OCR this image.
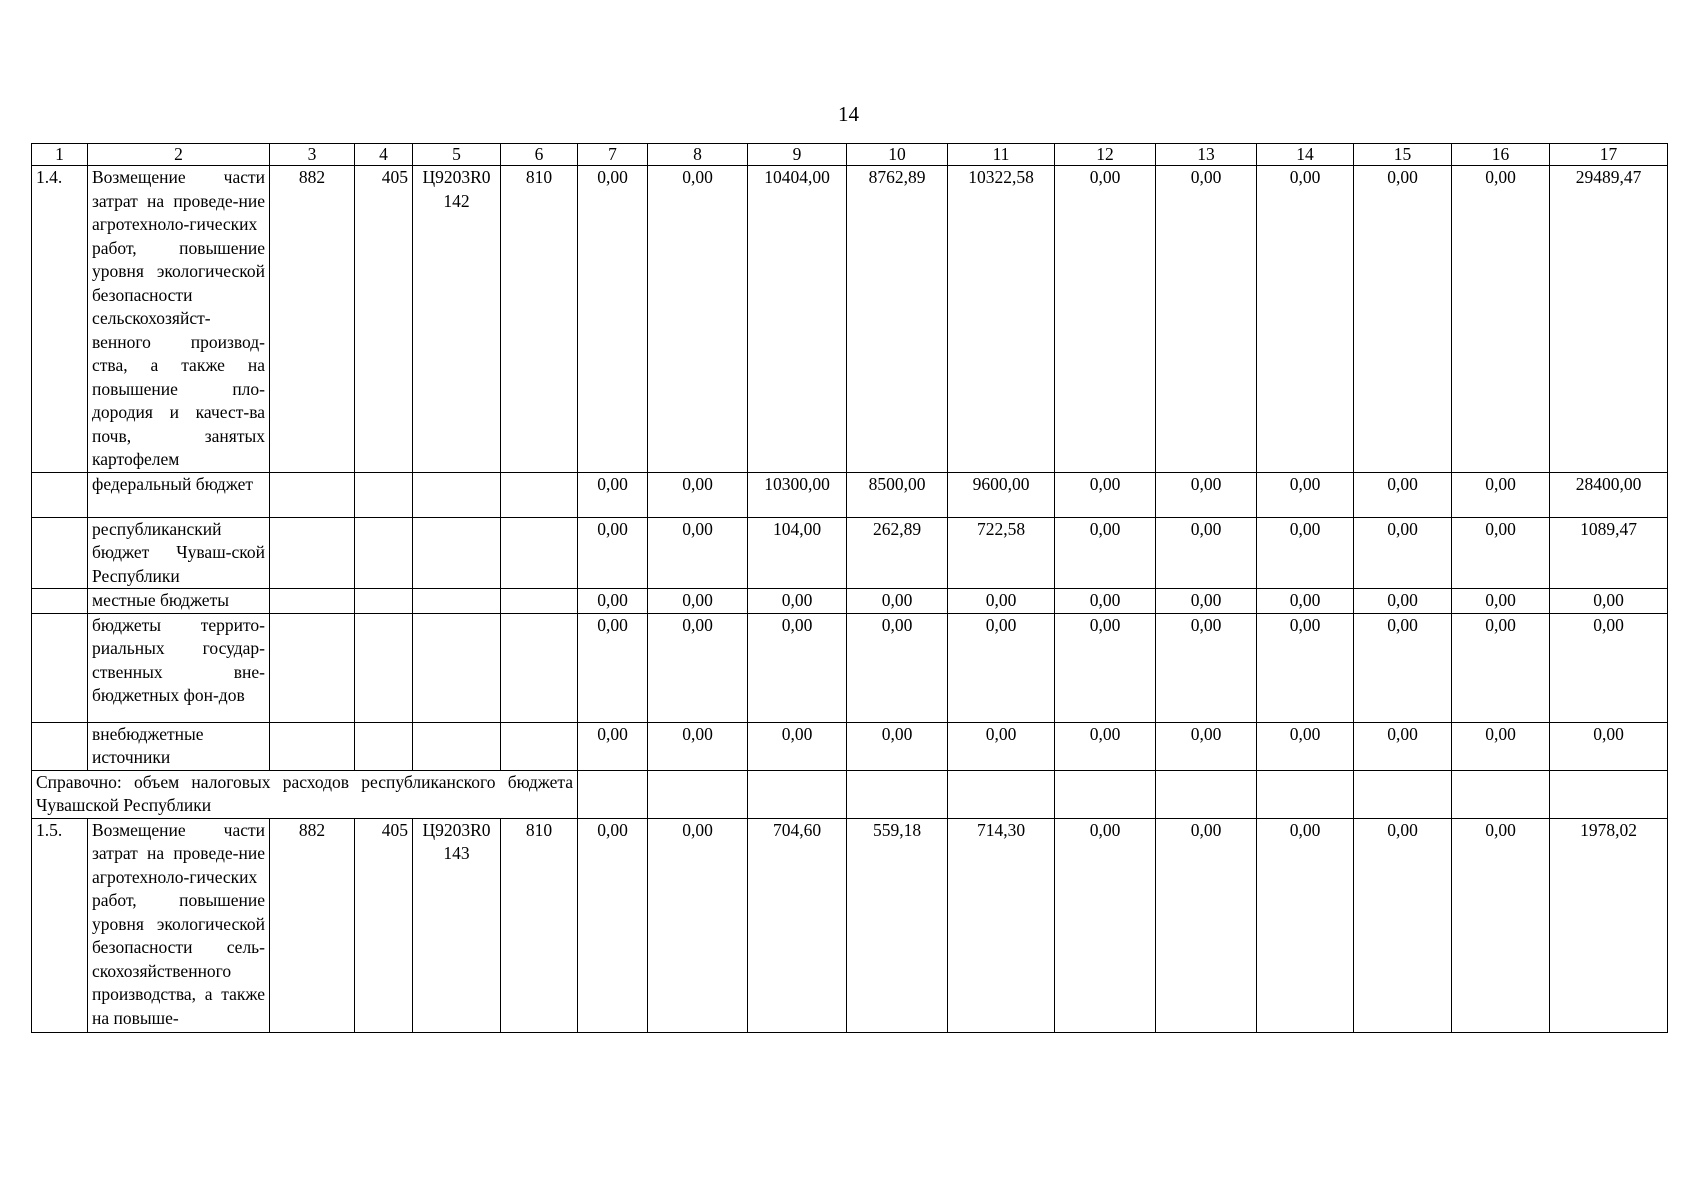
14
1	2	3	4	5	6	7	8	9	10	11	12	13	14	15	16	17
1.4.	Возмещение части затрат на проведе-ние агротехноло-гических работ, повышение уровня экологической безопасности сельскохозяйст-венного производ-ства, а также на повышение пло-дородия и качест-ва почв, занятых картофелем	882	405	Ц9203R0 142	810	0,00	0,00	10404,00	8762,89	10322,58	0,00	0,00	0,00	0,00	0,00	29489,47
	федеральный бюджет					0,00	0,00	10300,00	8500,00	9600,00	0,00	0,00	0,00	0,00	0,00	28400,00
	республиканский бюджет Чуваш-ской Республики					0,00	0,00	104,00	262,89	722,58	0,00	0,00	0,00	0,00	0,00	1089,47
	местные бюджеты					0,00	0,00	0,00	0,00	0,00	0,00	0,00	0,00	0,00	0,00	0,00
	бюджеты террито-риальных государ-ственных вне-бюджетных фон-дов					0,00	0,00	0,00	0,00	0,00	0,00	0,00	0,00	0,00	0,00	0,00
	внебюджетные источники					0,00	0,00	0,00	0,00	0,00	0,00	0,00	0,00	0,00	0,00	0,00
Справочно: объем налоговых расходов республиканского бюджета Чувашской Республики																
1.5.	Возмещение части затрат на проведе-ние агротехноло-гических работ, повышение уровня экологической безопасности сель-скохозяйственного производства, а также на повыше-	882	405	Ц9203R0 143	810	0,00	0,00	704,60	559,18	714,30	0,00	0,00	0,00	0,00	0,00	1978,02
